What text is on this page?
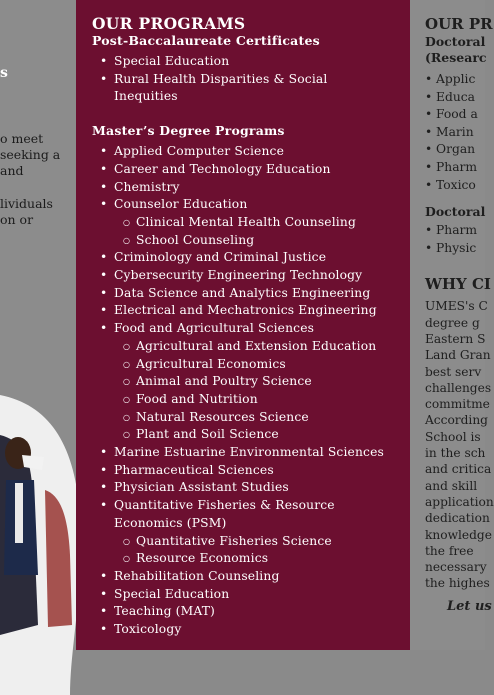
s
o meet
seeking a
and
lividuals
on or
OUR PROGRAMS
Post-Baccalaureate Certificates
• Special Education
• Rural Health Disparities & Social Inequities
Master’s Degree Programs
• Applied Computer Science
• Career and Technology Education
• Chemistry
• Counselor Education
○ Clinical Mental Health Counseling
○ School Counseling
• Criminology and Criminal Justice
• Cybersecurity Engineering Technology
• Data Science and Analytics Engineering
• Electrical and Mechatronics Engineering
• Food and Agricultural Sciences
○ Agricultural and Extension Education
○ Agricultural Economics
○ Animal and Poultry Science
○ Food and Nutrition
○ Natural Resources Science
○ Plant and Soil Science
• Marine Estuarine Environmental Sciences
• Pharmaceutical Sciences
• Physician Assistant Studies
• Quantitative Fisheries & Resource Economics (PSM)
○ Quantitative Fisheries Science
○ Resource Economics
• Rehabilitation Counseling
• Special Education
• Teaching (MAT)
• Toxicology
OUR PR
Doctoral
(Researc
• Applic
• Educa
• Food a
• Marin
• Organ
• Pharm
• Toxico
Doctoral
• Pharm
• Physic
WHY CI

UMES's C

degree g

Eastern S

Land Gran

best serv

challenges

commitme

According

School is

in the sch

and critica

and skill

application

dedication

knowledge

the free

necessary

the highes

Let us
